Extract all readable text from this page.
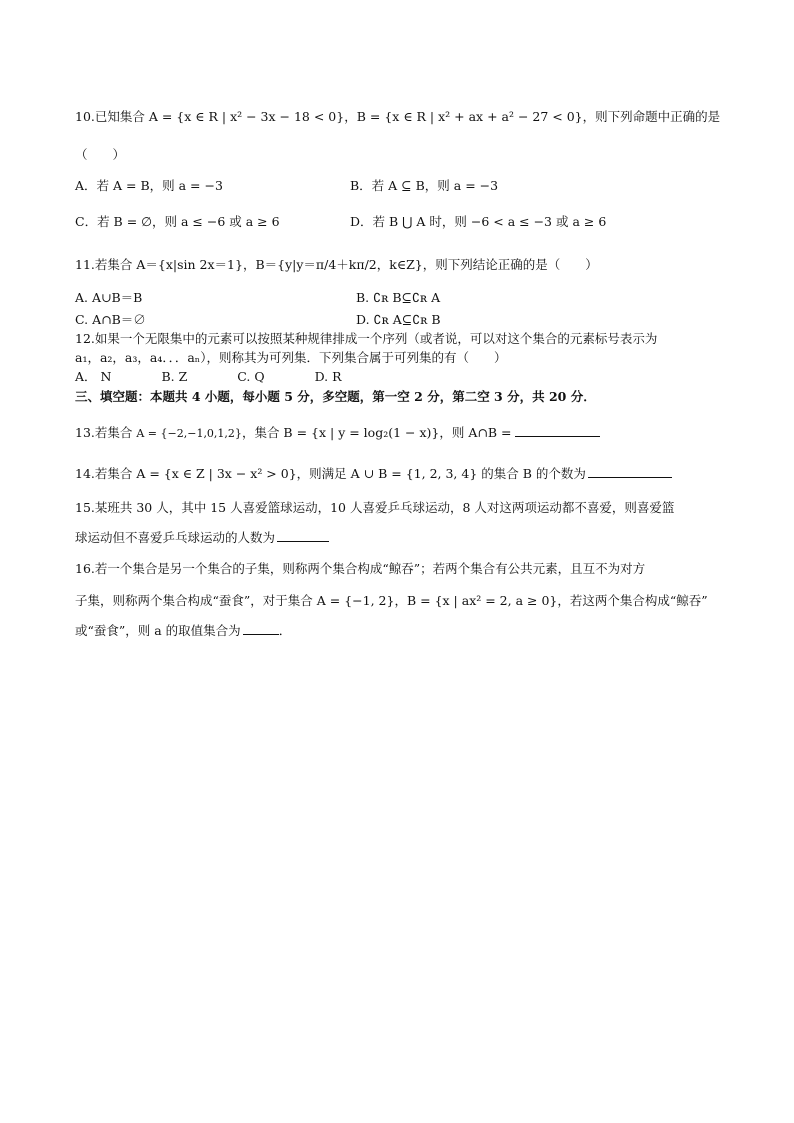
10.已知集合 A = {x ∈ R | x² − 3x − 18 < 0}，B = {x ∈ R | x² + ax + a² − 27 < 0}，则下列命题中正确的是
（　　）
A．若 A = B，则 a = −3	B．若 A ⊆ B，则 a = −3
C．若 B = ∅，则 a ≤ −6 或 a ≥ 6	D．若 B ⋃ A 时，则 −6 < a ≤ −3 或 a ≥ 6
11.若集合 A＝{x|sin 2x＝1}，B＝{y|y＝π/4＋kπ/2，k∈Z}，则下列结论正确的是（　　）
A. A∪B＝B	B. ∁ʀ B⊆∁ʀ A
C. A∩B＝∅	D. ∁ʀ A⊆∁ʀ B
12.如果一个无限集中的元素可以按照某种规律排成一个序列（或者说，可以对这个集合的元素标号表示为
a₁，a₂，a₃，a₄．．．aₙ），则称其为可列集．下列集合属于可列集的有（　　）
A． N　　　　B. Z　　　　C. Q　　　　D. R
三、填空题：本题共 4 小题，每小题 5 分，多空题，第一空 2 分，第二空 3 分，共 20 分．
13.若集合 A = {−2,−1,0,1,2}，集合 B = {x | y = log₂(1 − x)}，则 A∩B =
14.若集合 A = {x ∈ Z | 3x − x² > 0}，则满足 A ∪ B = {1, 2, 3, 4} 的集合 B 的个数为
15.某班共 30 人，其中 15 人喜爱篮球运动，10 人喜爱乒乓球运动，8 人对这两项运动都不喜爱，则喜爱篮
球运动但不喜爱乒乓球运动的人数为
16.若一个集合是另一个集合的子集，则称两个集合构成“鲸吞”；若两个集合有公共元素，且互不为对方
子集，则称两个集合构成“蚕食”，对于集合 A = {−1, 2}，B = {x | ax² = 2, a ≥ 0}，若这两个集合构成“鲸吞”
或“蚕食”，则 a 的取值集合为	．
